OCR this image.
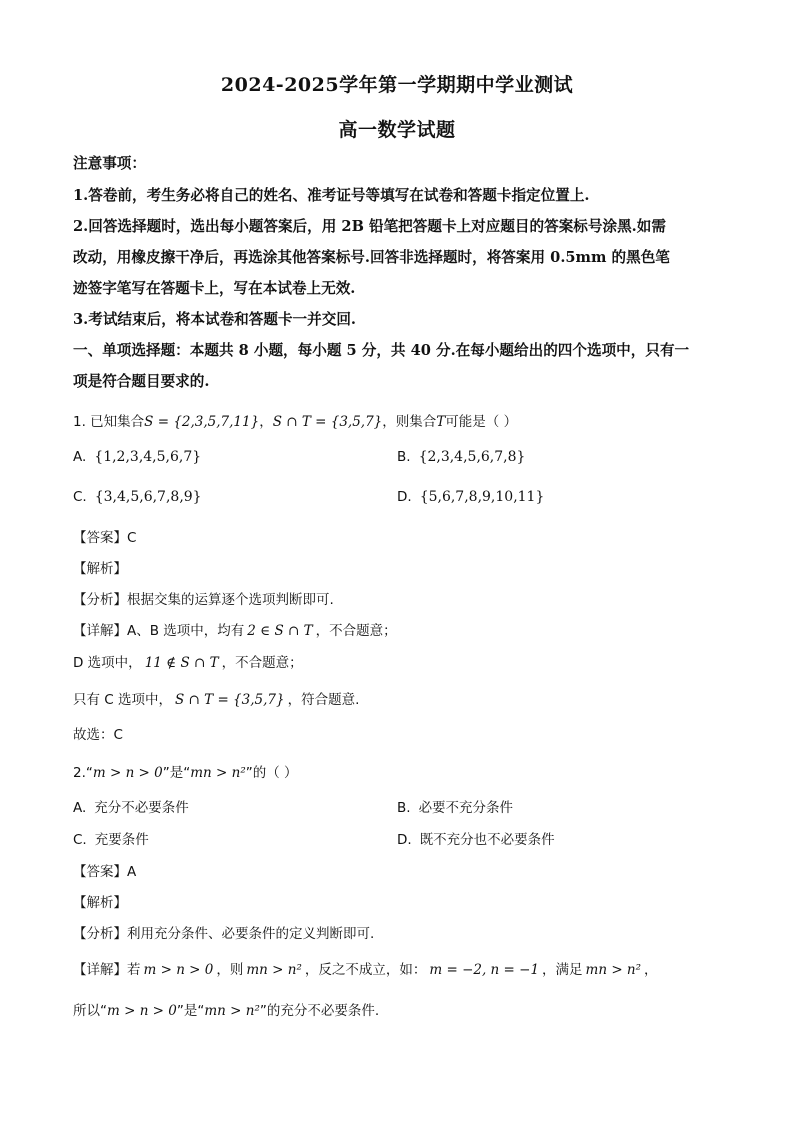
2024-2025学年第一学期期中学业测试
高一数学试题
注意事项：
1.答卷前，考生务必将自己的姓名、准考证号等填写在试卷和答题卡指定位置上.
2.回答选择题时，选出每小题答案后，用 2B 铅笔把答题卡上对应题目的答案标号涂黑.如需
改动，用橡皮擦干净后，再选涂其他答案标号.回答非选择题时，将答案用 0.5mm 的黑色笔
迹签字笔写在答题卡上，写在本试卷上无效.
3.考试结束后，将本试卷和答题卡一并交回.
一、单项选择题：本题共 8 小题，每小题 5 分，共 40 分.在每小题给出的四个选项中，只有一
项是符合题目要求的.
1. 已知集合S = {2,3,5,7,11}，S ∩ T = {3,5,7}，则集合T可能是（ ）
A. {1,2,3,4,5,6,7}	B. {2,3,4,5,6,7,8}
C. {3,4,5,6,7,8,9}	D. {5,6,7,8,9,10,11}
【答案】C
【解析】
【分析】根据交集的运算逐个选项判断即可.
【详解】A、B 选项中，均有 2 ∈ S ∩ T ，不合题意；
D 选项中， 11 ∉ S ∩ T ，不合题意；
只有 C 选项中， S ∩ T = {3,5,7} ，符合题意.
故选：C
2.“m > n > 0”是“mn > n²”的（ ）
A. 充分不必要条件	B. 必要不充分条件
C. 充要条件	D. 既不充分也不必要条件
【答案】A
【解析】
【分析】利用充分条件、必要条件的定义判断即可.
【详解】若 m > n > 0 ，则 mn > n² ，反之不成立，如： m = −2, n = −1 ，满足 mn > n² ，
所以“m > n > 0”是“mn > n²”的充分不必要条件.
